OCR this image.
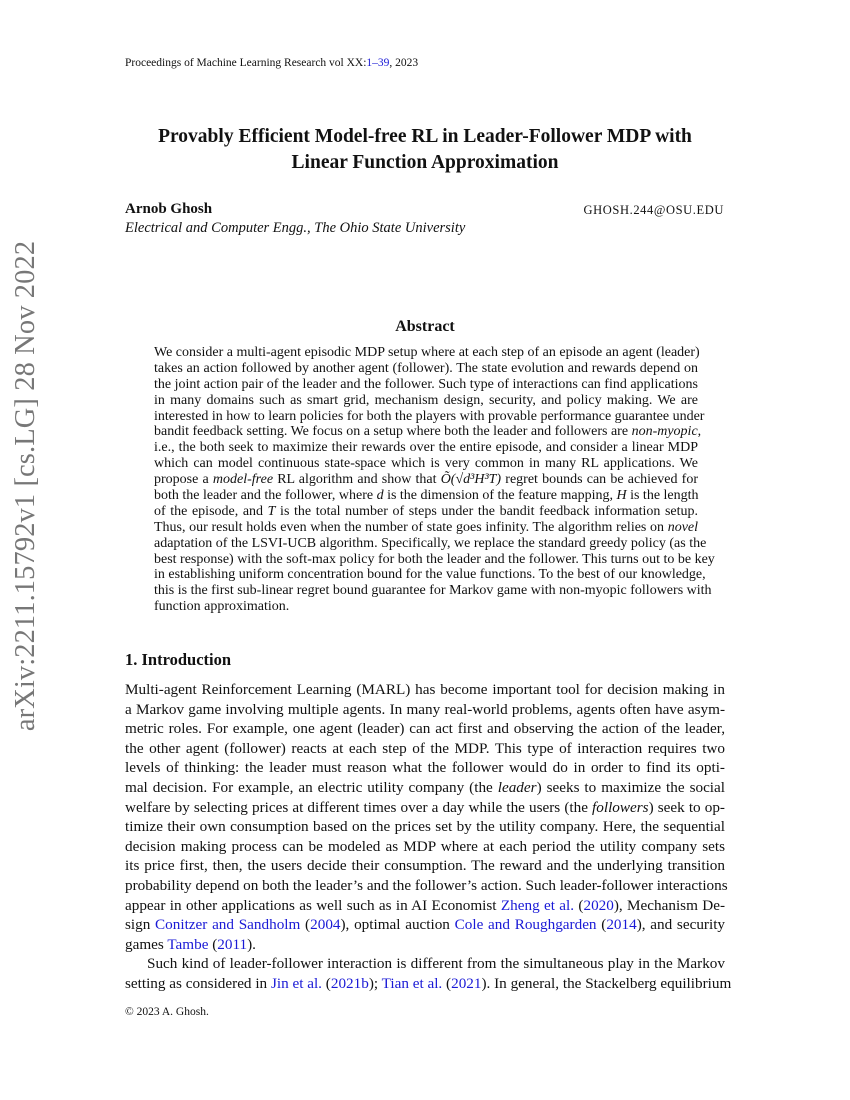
Proceedings of Machine Learning Research vol XX:1–39, 2023
arXiv:2211.15792v1 [cs.LG] 28 Nov 2022
Provably Efficient Model-free RL in Leader-Follower MDP with
Linear Function Approximation
Arnob Ghosh	GHOSH.244@OSU.EDU
Electrical and Computer Engg., The Ohio State University
Abstract
We consider a multi-agent episodic MDP setup where at each step of an episode an agent (leader)
takes an action followed by another agent (follower). The state evolution and rewards depend on
the joint action pair of the leader and the follower. Such type of interactions can find applications
in many domains such as smart grid, mechanism design, security, and policy making. We are
interested in how to learn policies for both the players with provable performance guarantee under
bandit feedback setting. We focus on a setup where both the leader and followers are non-myopic,
i.e., the both seek to maximize their rewards over the entire episode, and consider a linear MDP
which can model continuous state-space which is very common in many RL applications. We
propose a model-free RL algorithm and show that Õ(√d³H³T) regret bounds can be achieved for
both the leader and the follower, where d is the dimension of the feature mapping, H is the length
of the episode, and T is the total number of steps under the bandit feedback information setup.
Thus, our result holds even when the number of state goes infinity. The algorithm relies on novel
adaptation of the LSVI-UCB algorithm. Specifically, we replace the standard greedy policy (as the
best response) with the soft-max policy for both the leader and the follower. This turns out to be key
in establishing uniform concentration bound for the value functions. To the best of our knowledge,
this is the first sub-linear regret bound guarantee for Markov game with non-myopic followers with
function approximation.
1. Introduction
Multi-agent Reinforcement Learning (MARL) has become important tool for decision making in
a Markov game involving multiple agents. In many real-world problems, agents often have asym-
metric roles. For example, one agent (leader) can act first and observing the action of the leader,
the other agent (follower) reacts at each step of the MDP. This type of interaction requires two
levels of thinking: the leader must reason what the follower would do in order to find its opti-
mal decision. For example, an electric utility company (the leader) seeks to maximize the social
welfare by selecting prices at different times over a day while the users (the followers) seek to op-
timize their own consumption based on the prices set by the utility company. Here, the sequential
decision making process can be modeled as MDP where at each period the utility company sets
its price first, then, the users decide their consumption. The reward and the underlying transition
probability depend on both the leader’s and the follower’s action. Such leader-follower interactions
appear in other applications as well such as in AI Economist Zheng et al. (2020), Mechanism De-
sign Conitzer and Sandholm (2004), optimal auction Cole and Roughgarden (2014), and security
games Tambe (2011).
Such kind of leader-follower interaction is different from the simultaneous play in the Markov
setting as considered in Jin et al. (2021b); Tian et al. (2021). In general, the Stackelberg equilibrium
© 2023 A. Ghosh.
